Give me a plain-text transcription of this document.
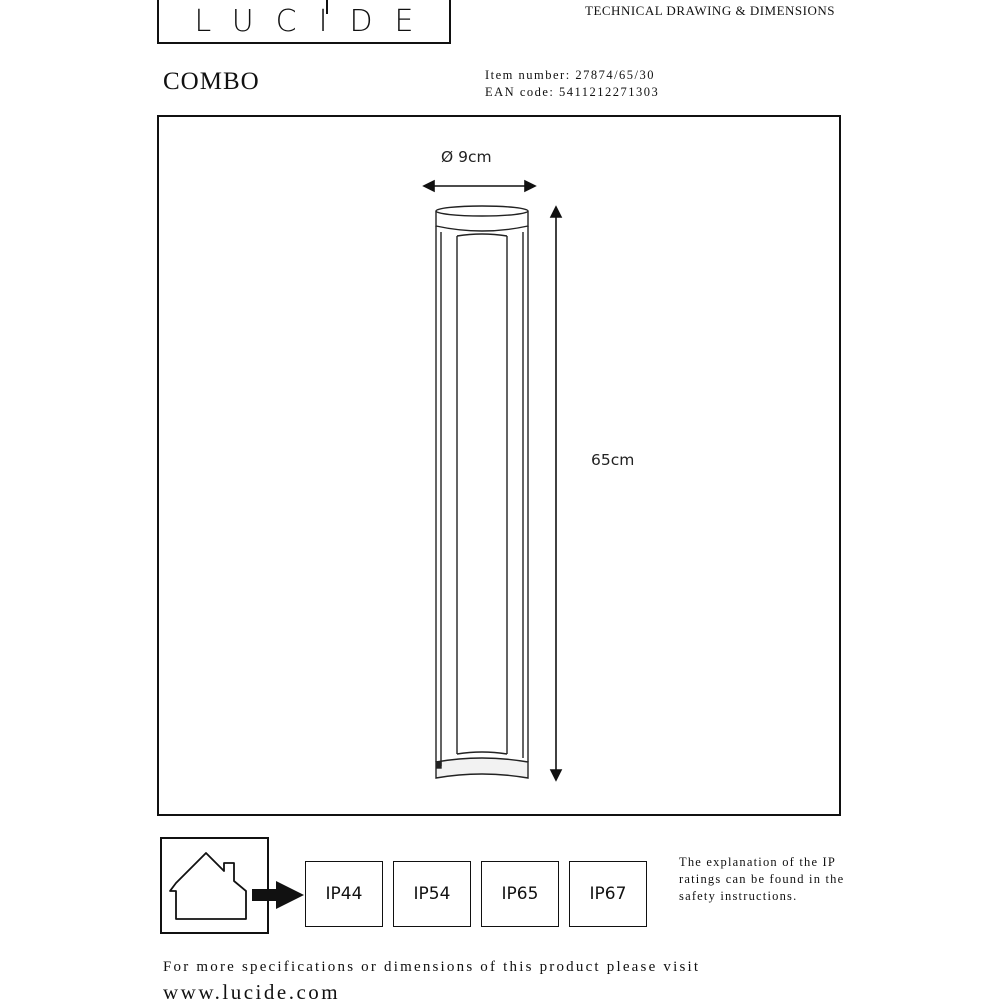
LUCIDE	TECHNICAL DRAWING & DIMENSIONS
COMBO	Item number: 27874/65/30
EAN code: 5411212271303
Ø 9cm
65cm
IP44	IP54	IP65	IP67
The explanation of the IP ratings can be found in the safety instructions.
For more specifications or dimensions of this product please visit
www.lucide.com
